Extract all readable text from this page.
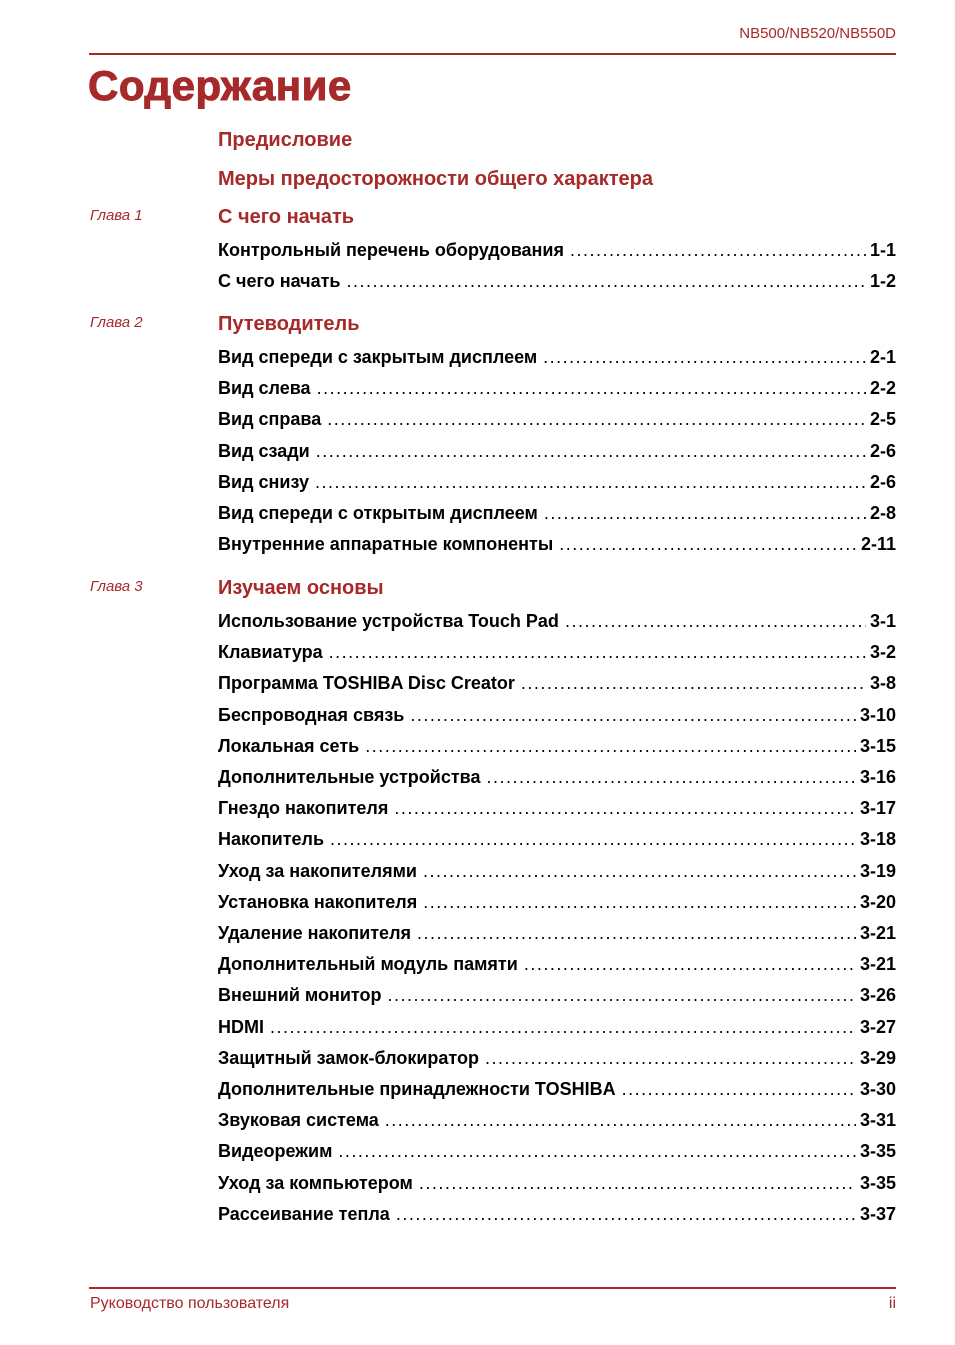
NB500/NB520/NB550D
Содержание
Предисловие
Меры предосторожности общего характера
Глава 1	С чего начать
Контрольный перечень оборудования .....	1-1
С чего начать .....	1-2
Глава 2	Путеводитель
Вид спереди с закрытым дисплеем .....	2-1
Вид слева .....	2-2
Вид справа .....	2-5
Вид сзади .....	2-6
Вид снизу .....	2-6
Вид спереди с открытым дисплеем .....	2-8
Внутренние аппаратные компоненты .....	2-11
Глава 3	Изучаем основы
Использование устройства Touch Pad .....	3-1
Клавиатура .....	3-2
Программа TOSHIBA Disc Creator .....	3-8
Беспроводная связь .....	3-10
Локальная сеть .....	3-15
Дополнительные устройства .....	3-16
Гнездо накопителя .....	3-17
Накопитель .....	3-18
Уход за накопителями .....	3-19
Установка накопителя .....	3-20
Удаление накопителя .....	3-21
Дополнительный модуль памяти .....	3-21
Внешний монитор .....	3-26
HDMI .....	3-27
Защитный замок-блокиратор .....	3-29
Дополнительные принадлежности TOSHIBA .....	3-30
Звуковая система .....	3-31
Видеорежим .....	3-35
Уход за компьютером .....	3-35
Рассеивание тепла .....	3-37
Руководство пользователя	ii
